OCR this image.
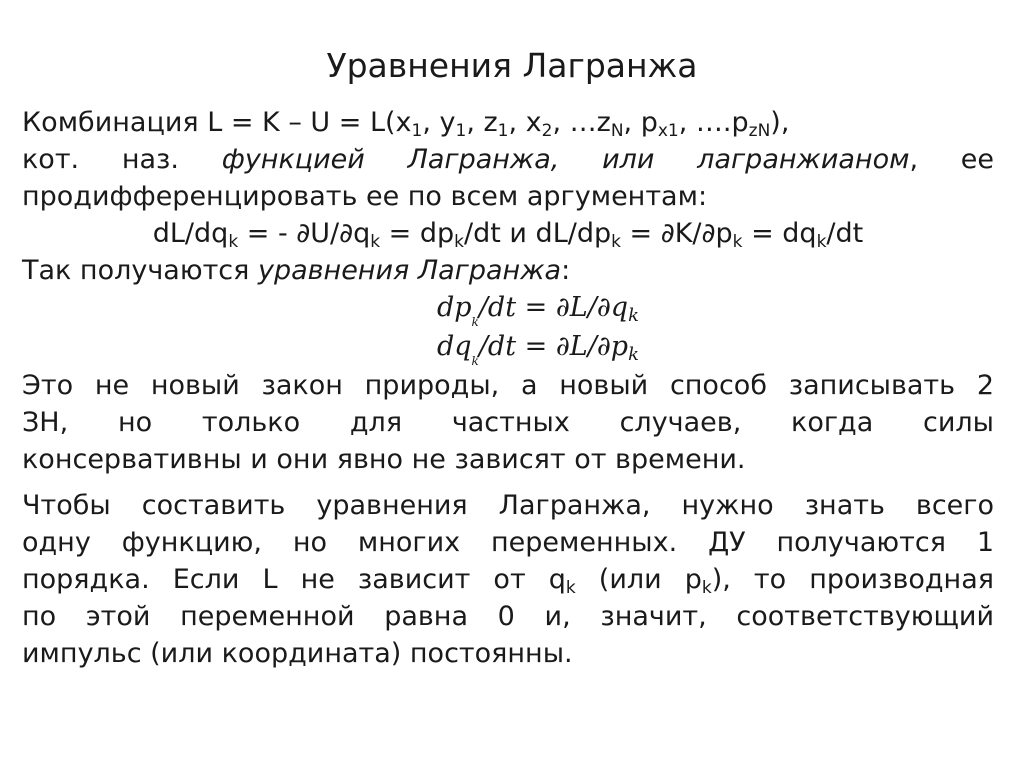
Уравнения Лагранжа
Комбинация $L = K - U = L(x_1$, $y_1$, $z_1$, $x_2$, $\dots z_N$, $p_{x1}$, $\dots.p_{zN}$),
кот. наз. функцией Лагранжа, или лагранжианом, ее
продифференцировать ее по всем аргументам:
$dL/dq_k$ = - $\partial U/\partial q_k = dp_k/dt$ и $dL/dp_k = \partial K/\partial p_k = dq_k/dt$
Так получаются уравнения Лагранжа:
$dp_k/dt = \partial L/\partial qk$
$dq_k/dt = \partial L/\partial pk$
Это не новый закон природы, а новый способ записывать 2
ЗН, но только для частных случаев, когда силы
консервативны и они явно не зависят от времени.
Чтобы составить уравнения Лагранжа, нужно знать всего
одну функцию, но многих переменных. ДУ получаются 1
порядка. Если L не зависит от $q_k$ (или $p_k$), то производная
по этой переменной равна 0 и, значит, соответствующий
импульс (или координата) постоянны.
